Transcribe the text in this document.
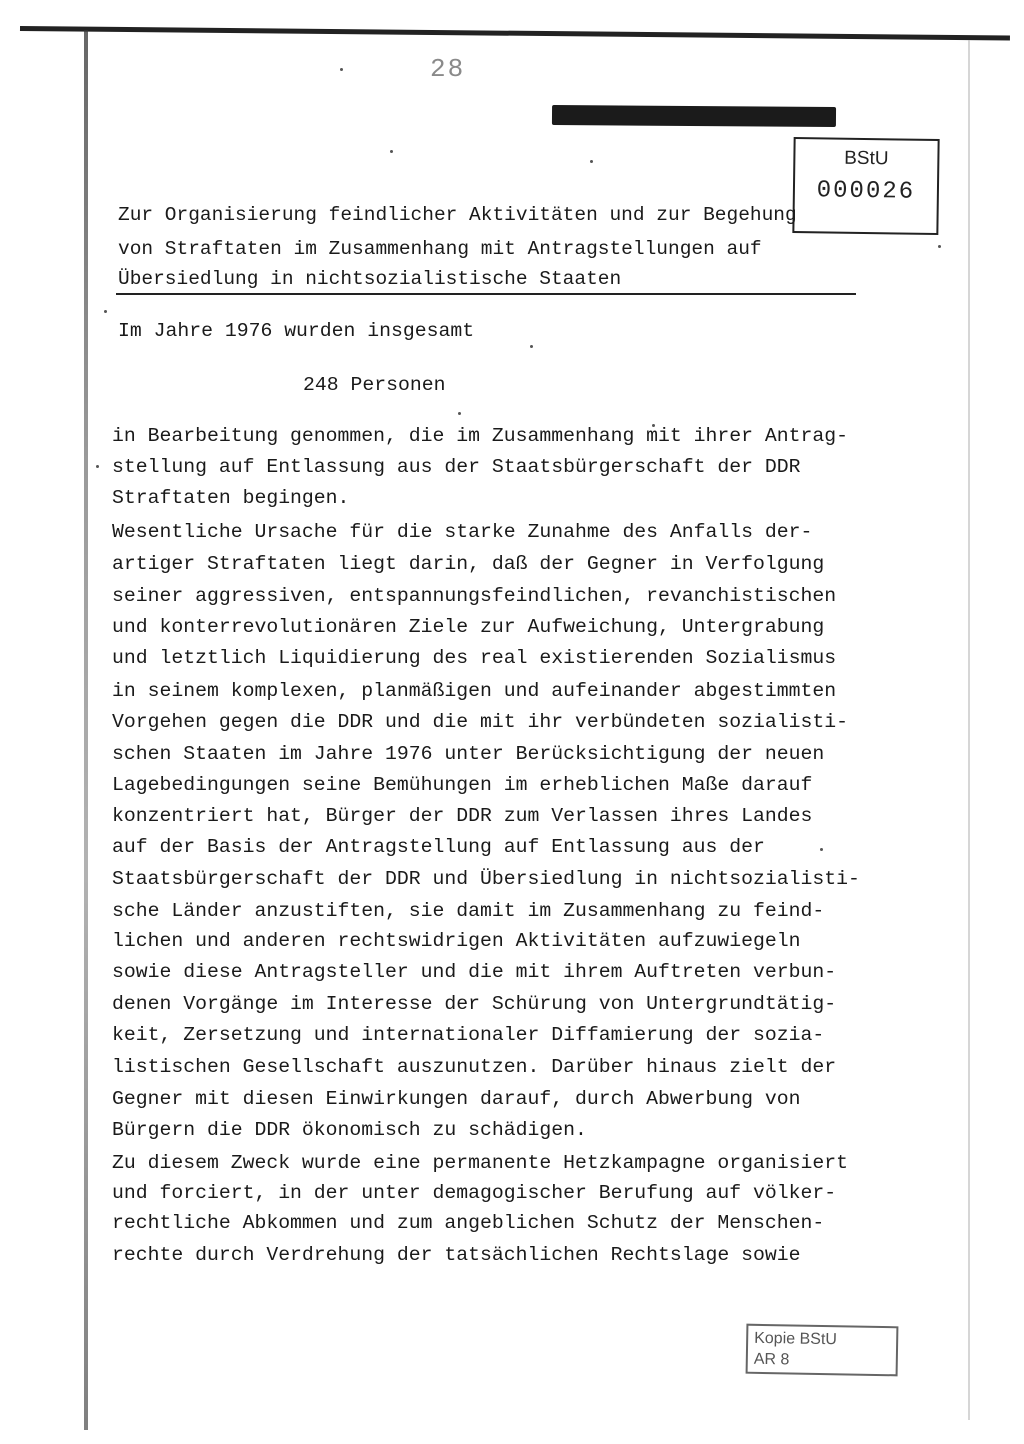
28
BStU
000026
Zur Organisierung feindlicher Aktivitäten und zur Begehung
von Straftaten im Zusammenhang mit Antragstellungen auf
Übersiedlung in nichtsozialistische Staaten
Im Jahre 1976 wurden insgesamt
248 Personen
in Bearbeitung genommen, die im Zusammenhang mit ihrer Antrag-
stellung auf Entlassung aus der Staatsbürgerschaft der DDR
Straftaten begingen.
Wesentliche Ursache für die starke Zunahme des Anfalls der-
artiger Straftaten liegt darin, daß der Gegner in Verfolgung
seiner aggressiven, entspannungsfeindlichen, revanchistischen
und konterrevolutionären Ziele zur Aufweichung, Untergrabung
und letztlich Liquidierung des real existierenden Sozialismus
in seinem komplexen, planmäßigen und aufeinander abgestimmten
Vorgehen gegen die DDR und die mit ihr verbündeten sozialisti-
schen Staaten im Jahre 1976 unter Berücksichtigung der neuen
Lagebedingungen seine Bemühungen im erheblichen Maße darauf
konzentriert hat, Bürger der DDR zum Verlassen ihres Landes
auf der Basis der Antragstellung auf Entlassung aus der
Staatsbürgerschaft der DDR und Übersiedlung in nichtsozialisti-
sche Länder anzustiften, sie damit im Zusammenhang zu feind-
lichen und anderen rechtswidrigen Aktivitäten aufzuwiegeln
sowie diese Antragsteller und die mit ihrem Auftreten verbun-
denen Vorgänge im Interesse der Schürung von Untergrundtätig-
keit, Zersetzung und internationaler Diffamierung der sozia-
listischen Gesellschaft auszunutzen. Darüber hinaus zielt der
Gegner mit diesen Einwirkungen darauf, durch Abwerbung von
Bürgern die DDR ökonomisch zu schädigen.
Zu diesem Zweck wurde eine permanente Hetzkampagne organisiert
und forciert, in der unter demagogischer Berufung auf völker-
rechtliche Abkommen und zum angeblichen Schutz der Menschen-
rechte durch Verdrehung der tatsächlichen Rechtslage sowie
Kopie BStU
AR 8
